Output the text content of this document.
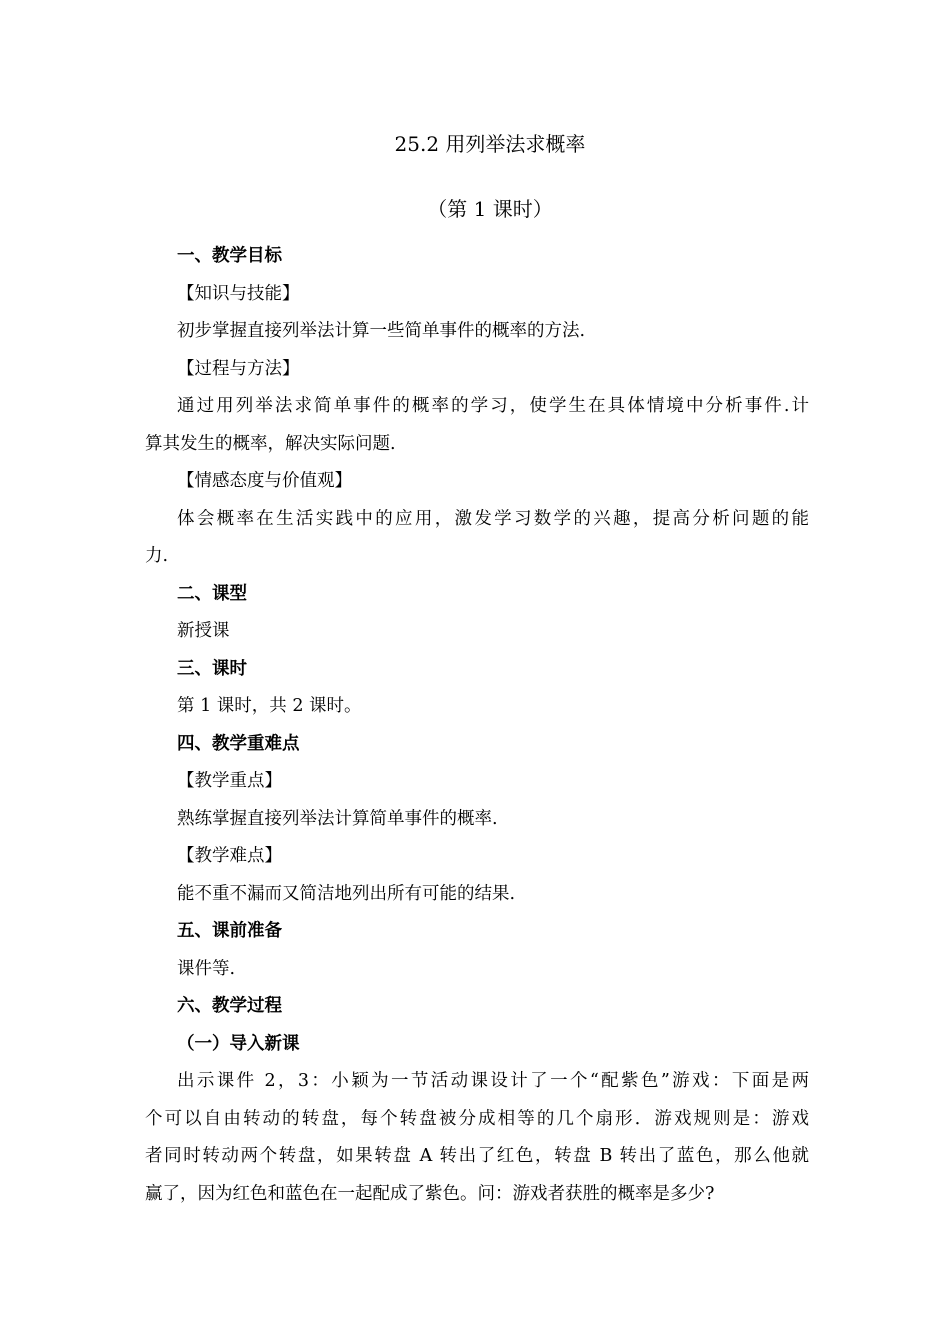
25.2 用列举法求概率
（第 1 课时）
一、教学目标
【知识与技能】
初步掌握直接列举法计算一些简单事件的概率的方法.
【过程与方法】
通过用列举法求简单事件的概率的学习，使学生在具体情境中分析事件.计
算其发生的概率，解决实际问题.
【情感态度与价值观】
体会概率在生活实践中的应用，激发学习数学的兴趣，提高分析问题的能
力.
二、课型
新授课
三、课时
第 1 课时，共 2 课时。
四、教学重难点
【教学重点】
熟练掌握直接列举法计算简单事件的概率.
【教学难点】
能不重不漏而又简洁地列出所有可能的结果.
五、课前准备
课件等.
六、教学过程
（一）导入新课
出示课件 2，3：小颖为一节活动课设计了一个“配紫色”游戏：下面是两
个可以自由转动的转盘，每个转盘被分成相等的几个扇形．游戏规则是：游戏
者同时转动两个转盘，如果转盘 A 转出了红色，转盘 B 转出了蓝色，那么他就
赢了，因为红色和蓝色在一起配成了紫色。问：游戏者获胜的概率是多少?
